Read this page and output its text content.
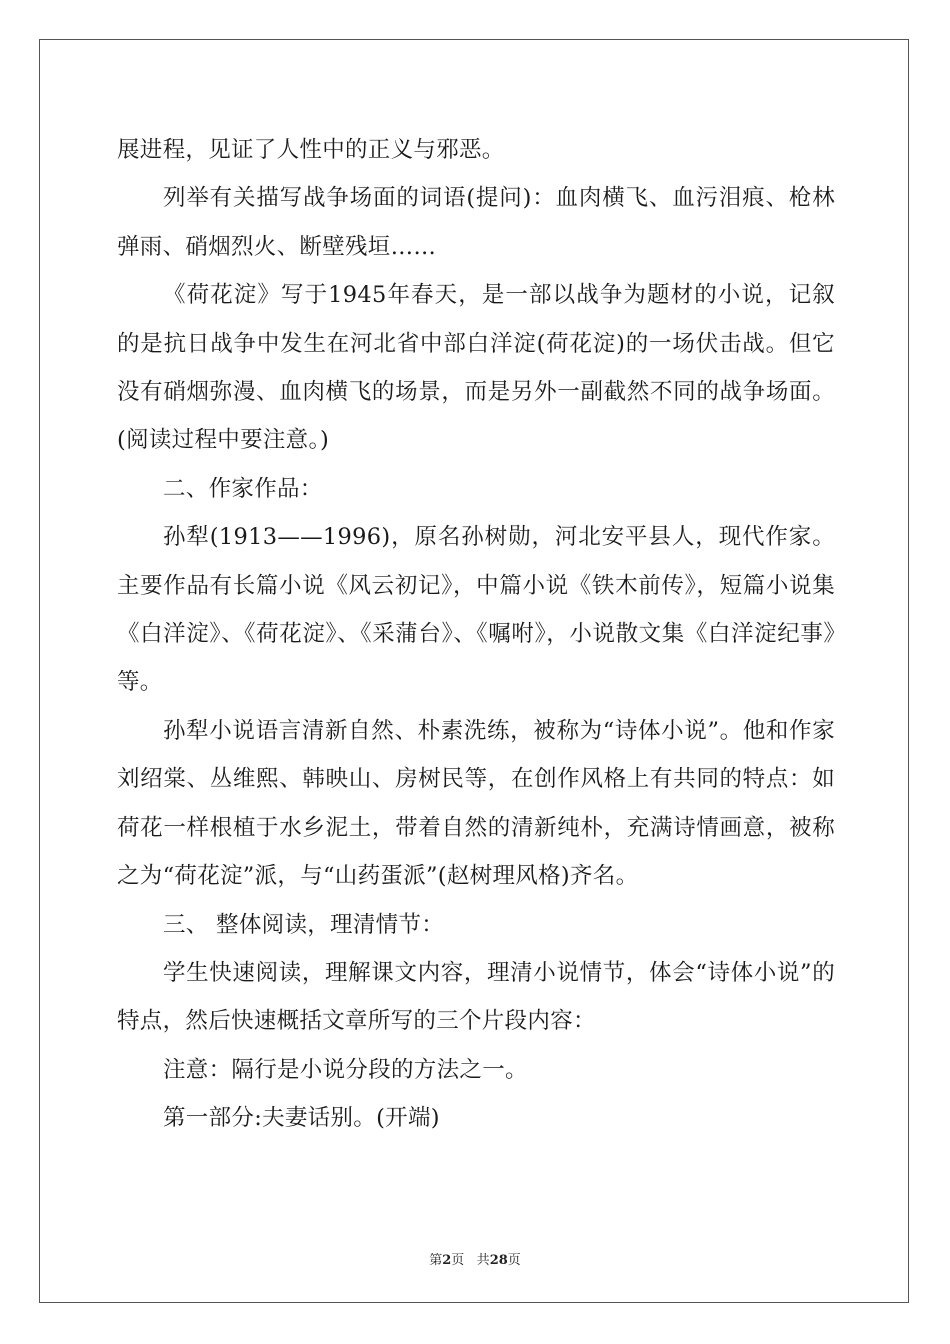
展进程，见证了人性中的正义与邪恶。

列举有关描写战争场面的词语(提问)：血肉横飞、血污泪痕、枪林弹雨、硝烟烈火、断壁残垣……

《荷花淀》写于1945年春天，是一部以战争为题材的小说，记叙的是抗日战争中发生在河北省中部白洋淀(荷花淀)的一场伏击战。但它没有硝烟弥漫、血肉横飞的场景，而是另外一副截然不同的战争场面。(阅读过程中要注意。)

二、作家作品：

孙犁(1913——1996)，原名孙树勋，河北安平县人，现代作家。主要作品有长篇小说《风云初记》，中篇小说《铁木前传》，短篇小说集《白洋淀》、《荷花淀》、《采蒲台》、《嘱咐》，小说散文集《白洋淀纪事》等。

孙犁小说语言清新自然、朴素洗练，被称为“诗体小说”。他和作家刘绍棠、丛维熙、韩映山、房树民等，在创作风格上有共同的特点：如荷花一样根植于水乡泥土，带着自然的清新纯朴，充满诗情画意，被称之为“荷花淀”派，与“山药蛋派”(赵树理风格)齐名。

三、 整体阅读，理清情节：

学生快速阅读，理解课文内容，理清小说情节，体会“诗体小说”的特点，然后快速概括文章所写的三个片段内容：

注意：隔行是小说分段的方法之一。

第一部分:夫妻话别。(开端)

第2页 共28页
